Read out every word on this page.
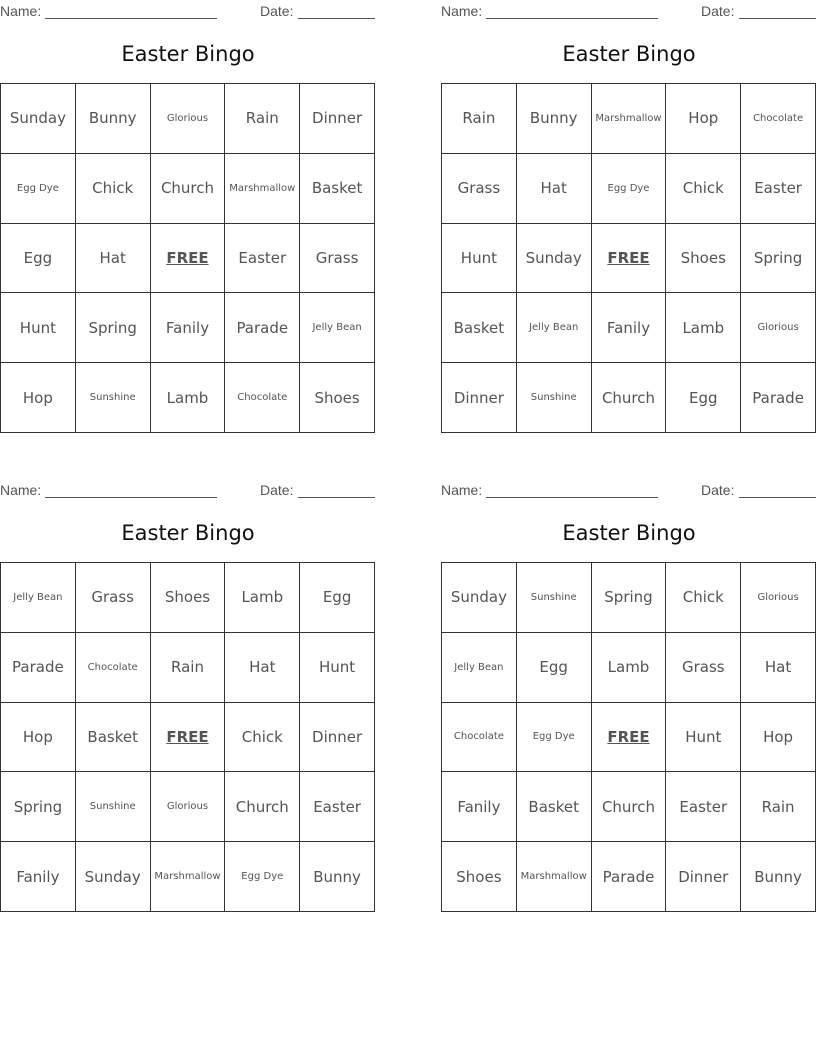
Name:	Date:
Easter Bingo
Sunday	Bunny	Glorious	Rain	Dinner
Egg Dye	Chick	Church	Marshmallow	Basket
Egg	Hat	FREE	Easter	Grass
Hunt	Spring	Fanily	Parade	Jelly Bean
Hop	Sunshine	Lamb	Chocolate	Shoes
Name:	Date:
Easter Bingo
Rain	Bunny	Marshmallow	Hop	Chocolate
Grass	Hat	Egg Dye	Chick	Easter
Hunt	Sunday	FREE	Shoes	Spring
Basket	Jelly Bean	Fanily	Lamb	Glorious
Dinner	Sunshine	Church	Egg	Parade
Name:	Date:
Easter Bingo
Jelly Bean	Grass	Shoes	Lamb	Egg
Parade	Chocolate	Rain	Hat	Hunt
Hop	Basket	FREE	Chick	Dinner
Spring	Sunshine	Glorious	Church	Easter
Fanily	Sunday	Marshmallow	Egg Dye	Bunny
Name:	Date:
Easter Bingo
Sunday	Sunshine	Spring	Chick	Glorious
Jelly Bean	Egg	Lamb	Grass	Hat
Chocolate	Egg Dye	FREE	Hunt	Hop
Fanily	Basket	Church	Easter	Rain
Shoes	Marshmallow	Parade	Dinner	Bunny
